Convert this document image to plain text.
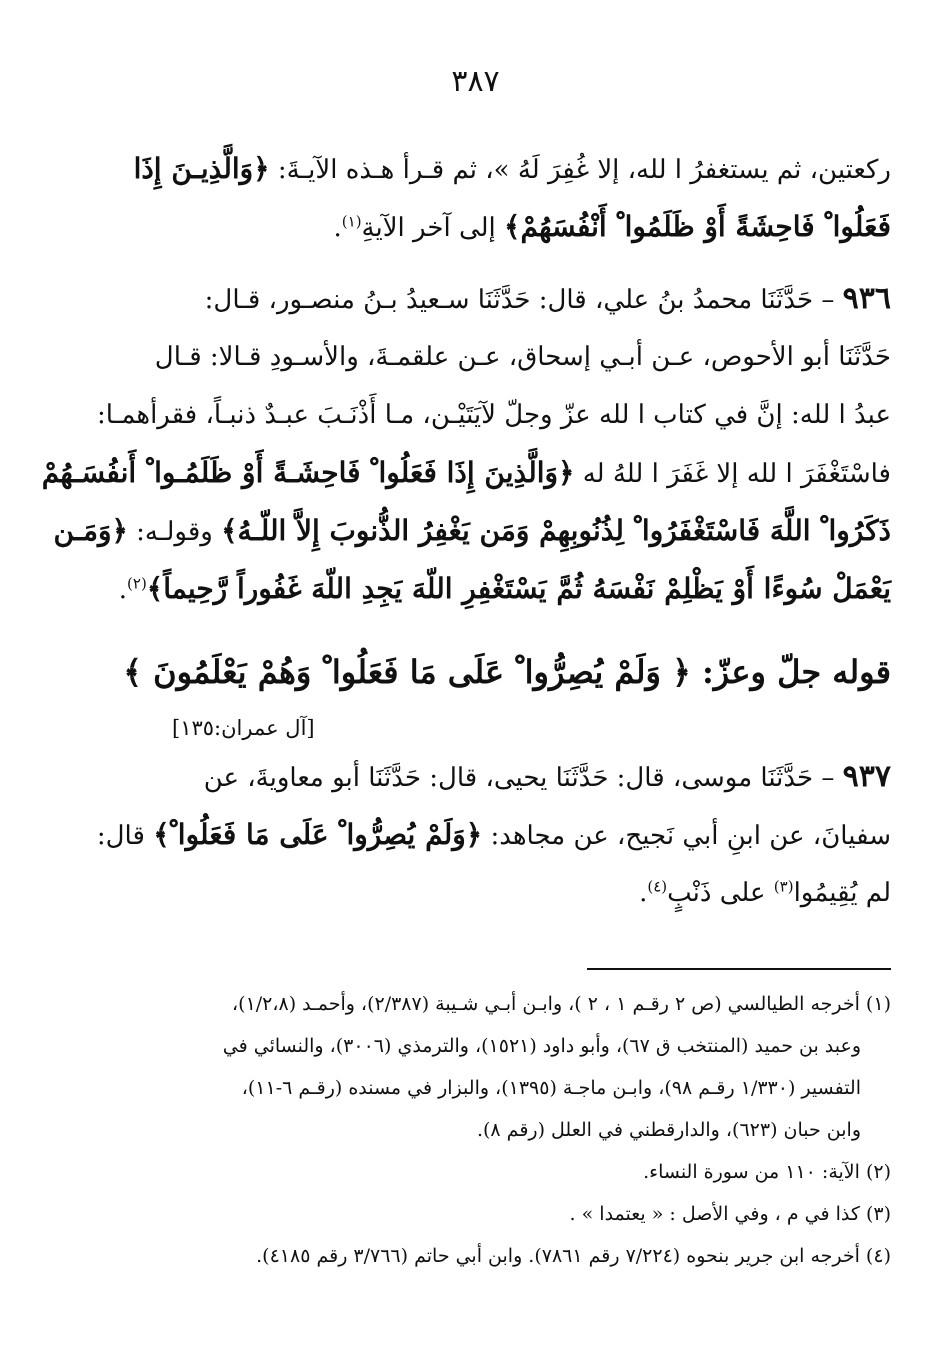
٣٨٧
ركعتين، ثم يستغفرُ ا لله، إلا غُفِرَ لَهُ »، ثم قـرأ هـذه الآيـةَ: ﴿وَالَّذِيـنَ إِذَا
فَعَلُوا ْ فَاحِشَةً أَوْ ظَلَمُوا ْ أَنْفُسَهُمْ﴾ إلى آخر الآيةِ$^{(١)}$.
٩٣٦ – حَدَّثَنَا محمدُ بنُ علي، قال: حَدَّثَنَا سـعيدُ بـنُ منصـور، قـال:
حَدَّثَنَا أبو الأحوص، عـن أبـي إسحاق، عـن علقمـةَ، والأسـودِ قـالا: قـال
عبدُ ا لله: إنَّ في كتاب ا لله عزّ وجلّ لآيَتَيْـن، مـا أَذْنَـبَ عبـدٌ ذنبـاً، فقرأهمـا:
فاسْتَغْفَرَ ا لله إلا غَفَرَ ا للهُ له ﴿وَالَّذِينَ إِذَا فَعَلُوا ْ فَاحِشَـةً أَوْ ظَلَمُـوا ْ أَنفُسَـهُمْ
ذَكَرُوا ْ اللَّهَ فَاسْتَغْفَرُوا ْ لِذُنُوبِهِمْ وَمَن يَغْفِرُ الذُّنوبَ إِلاَّ اللّـهُ﴾ وقولـه: ﴿وَمَـن
يَعْمَلْ سُوءًا أَوْ يَظْلِمْ نَفْسَهُ ثُمَّ يَسْتَغْفِرِ اللّهَ يَجِدِ اللّهَ غَفُوراً رَّحِيماً﴾$^{(٢)}$.
قوله جلّ وعزّ: ﴿ وَلَمْ يُصِرُّوا ْ عَلَى مَا فَعَلُوا ْ وَهُمْ يَعْلَمُونَ ﴾
[آل عمران:١٣٥]
٩٣٧ – حَدَّثَنَا موسى، قال: حَدَّثَنَا يحيى، قال: حَدَّثَنَا أبو معاويةَ، عن
سفيانَ، عن ابنِ أبي نَجيح، عن مجاهد: ﴿وَلَمْ يُصِرُّوا ْ عَلَى مَا فَعَلُوا ْ﴾ قال:
لم يُقِيمُوا$^{(٣)}$ على ذَنْبٍ$^{(٤)}$.
(١) أخرجه الطيالسي (ص ٢ رقـم ١ ، ٢ )، وابـن أبـي شـيبة (٢/٣٨٧)، وأحمـد (١/٢،٨)،
وعبد بن حميد (المنتخب ق ٦٧)، وأبو داود (١٥٢١)، والترمذي (٣٠٠٦)، والنسائي في
التفسير (١/٣٣٠ رقـم ٩٨)، وابـن ماجـة (١٣٩٥)، والبزار في مسنده (رقـم ٦-١١)،
وابن حبان (٦٢٣)، والدارقطني في العلل (رقم ٨).
(٢) الآية: ١١٠ من سورة النساء.
(٣) كذا في م ، وفي الأصل : « يعتمدا » .
(٤) أخرجه ابن جرير بنحوه (٧/٢٢٤ رقم ٧٨٦١). وابن أبي حاتم (٣/٧٦٦ رقم ٤١٨٥).
